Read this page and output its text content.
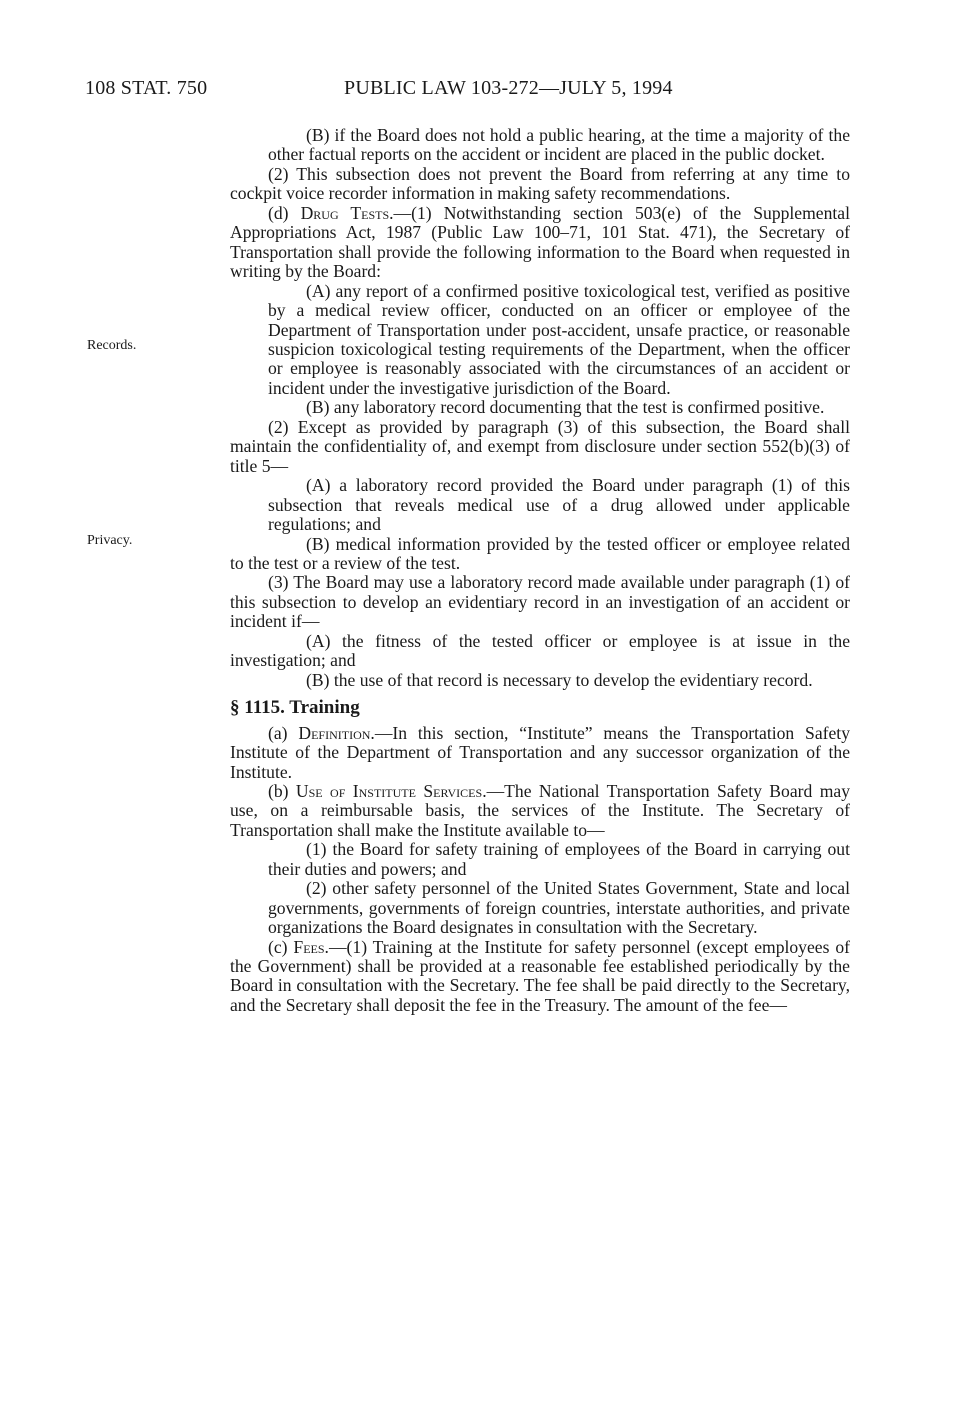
108 STAT. 750	PUBLIC LAW 103-272—JULY 5, 1994
Records.
Privacy.

(B) if the Board does not hold a public hearing, at the time a majority of the other factual reports on the accident or incident are placed in the public docket.

(2) This subsection does not prevent the Board from referring at any time to cockpit voice recorder information in making safety recommendations.

(d) Drug Tests.—(1) Notwithstanding section 503(e) of the Supplemental Appropriations Act, 1987 (Public Law 100–71, 101 Stat. 471), the Secretary of Transportation shall provide the following information to the Board when requested in writing by the Board:

(A) any report of a confirmed positive toxicological test, verified as positive by a medical review officer, conducted on an officer or employee of the Department of Transportation under post-accident, unsafe practice, or reasonable suspicion toxicological testing requirements of the Department, when the officer or employee is reasonably associated with the circumstances of an accident or incident under the investigative jurisdiction of the Board.

(B) any laboratory record documenting that the test is confirmed positive.

(2) Except as provided by paragraph (3) of this subsection, the Board shall maintain the confidentiality of, and exempt from disclosure under section 552(b)(3) of title 5—

(A) a laboratory record provided the Board under paragraph (1) of this subsection that reveals medical use of a drug allowed under applicable regulations; and

(B) medical information provided by the tested officer or employee related to the test or a review of the test.

(3) The Board may use a laboratory record made available under paragraph (1) of this subsection to develop an evidentiary record in an investigation of an accident or incident if—

(A) the fitness of the tested officer or employee is at issue in the investigation; and

(B) the use of that record is necessary to develop the evidentiary record.

§ 1115. Training

(a) Definition.—In this section, “Institute” means the Transportation Safety Institute of the Department of Transportation and any successor organization of the Institute.

(b) Use of Institute Services.—The National Transportation Safety Board may use, on a reimbursable basis, the services of the Institute. The Secretary of Transportation shall make the Institute available to—

(1) the Board for safety training of employees of the Board in carrying out their duties and powers; and

(2) other safety personnel of the United States Government, State and local governments, governments of foreign countries, interstate authorities, and private organizations the Board designates in consultation with the Secretary.

(c) Fees.—(1) Training at the Institute for safety personnel (except employees of the Government) shall be provided at a reasonable fee established periodically by the Board in consultation with the Secretary. The fee shall be paid directly to the Secretary, and the Secretary shall deposit the fee in the Treasury. The amount of the fee—
